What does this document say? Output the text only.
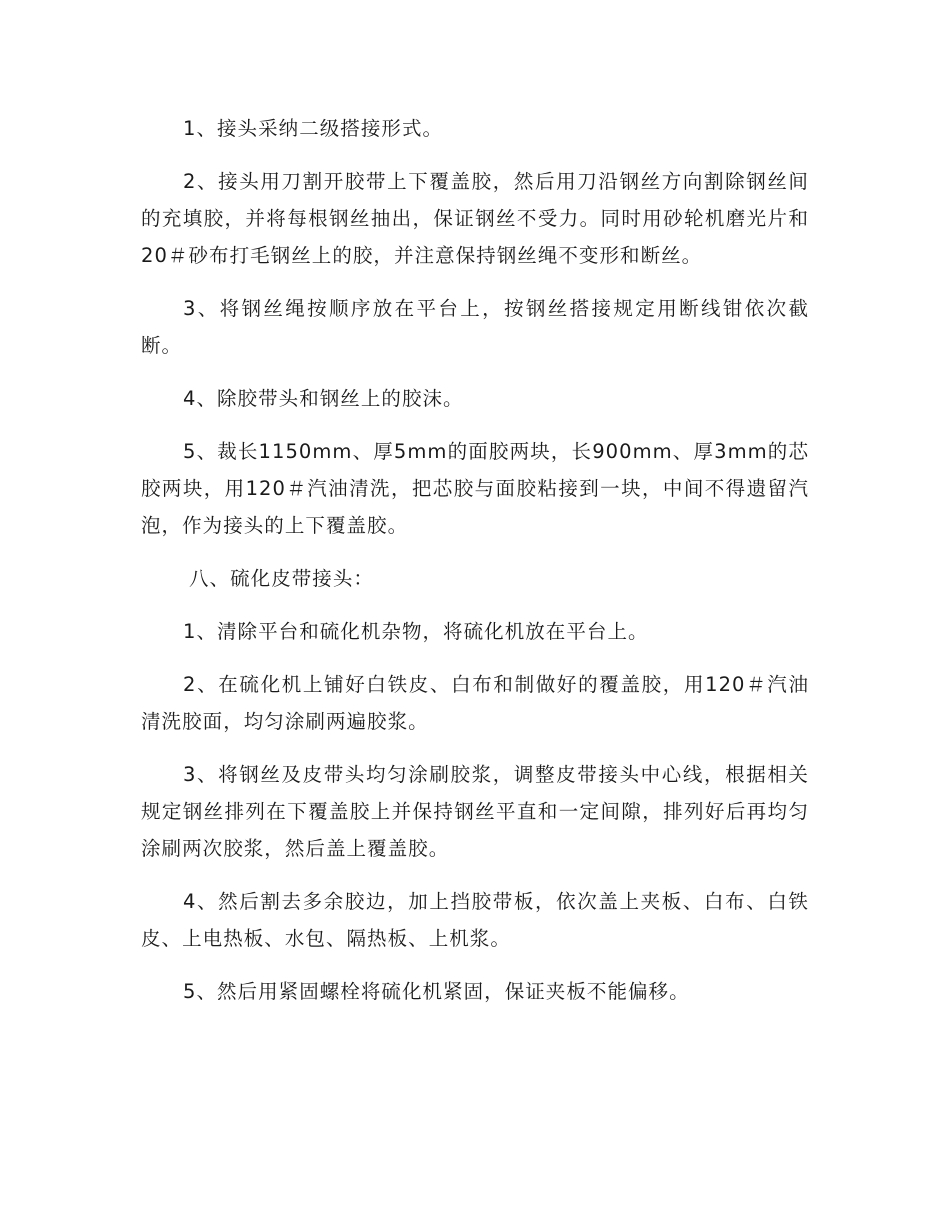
1、接头采纳二级搭接形式。

2、接头用刀割开胶带上下覆盖胶，然后用刀沿钢丝方向割除钢丝间的充填胶，并将每根钢丝抽出，保证钢丝不受力。同时用砂轮机磨光片和20＃砂布打毛钢丝上的胶，并注意保持钢丝绳不变形和断丝。

3、将钢丝绳按顺序放在平台上，按钢丝搭接规定用断线钳依次截断。

4、除胶带头和钢丝上的胶沫。

5、裁长1150mm、厚5mm的面胶两块，长900mm、厚3mm的芯胶两块，用120＃汽油清洗，把芯胶与面胶粘接到一块，中间不得遗留汽泡，作为接头的上下覆盖胶。

八、硫化皮带接头：

1、清除平台和硫化机杂物，将硫化机放在平台上。

2、在硫化机上铺好白铁皮、白布和制做好的覆盖胶，用120＃汽油清洗胶面，均匀涂刷两遍胶浆。

3、将钢丝及皮带头均匀涂刷胶浆，调整皮带接头中心线，根据相关规定钢丝排列在下覆盖胶上并保持钢丝平直和一定间隙，排列好后再均匀涂刷两次胶浆，然后盖上覆盖胶。

4、然后割去多余胶边，加上挡胶带板，依次盖上夹板、白布、白铁皮、上电热板、水包、隔热板、上机浆。

5、然后用紧固螺栓将硫化机紧固，保证夹板不能偏移。
